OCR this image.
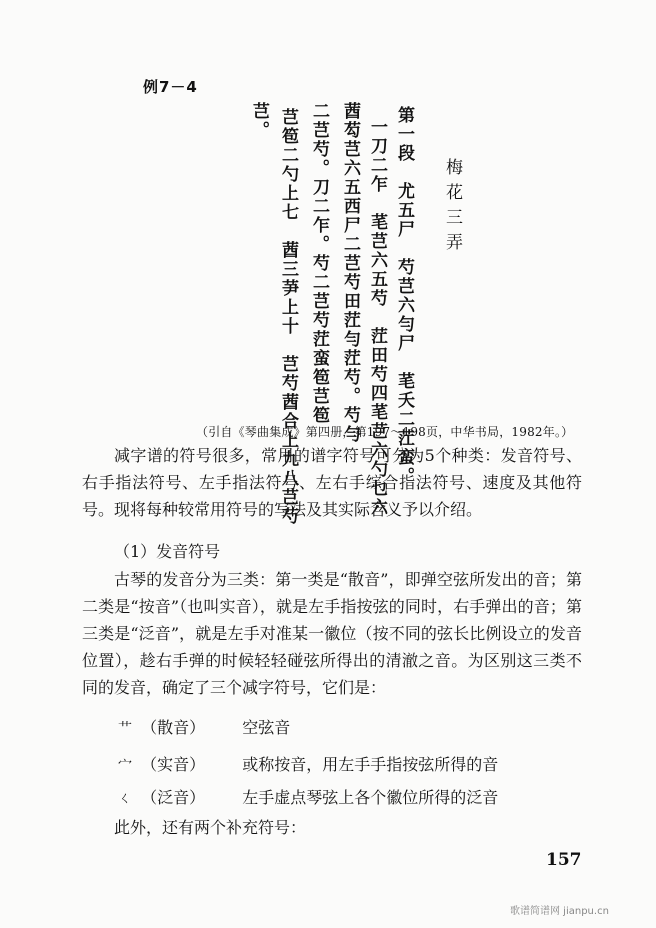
例7－4
梅花三弄
第一段　尤五尸　芍芑六勻尸　芼夭二茳蛮。
一刀二乍　芼芑六五芍　茳田芍四芼芑六勺乜六
莤芶芑六五西尸二芑芍田茳勻茳芍。芍勻
二芑芍。刀二乍。芍二芑芍茳蛮笣芑笣
芑笣二勺上七　莤三芛上十　芑芍莤合上九八芑芍
芑。
（引自《琴曲集成》第四册，第197～198页，中华书局，1982年。）

减字谱的符号很多，常用的谱字符号可分为5个种类：发音符号、右手指法符号、左手指法符号、左右手综合指法符号、速度及其他符号。现将每种较常用符号的写法及其实际含义予以介绍。

（1）发音符号

古琴的发音分为三类：第一类是“散音”，即弹空弦所发出的音；第二类是“按音”（也叫实音），就是左手指按弦的同时，右手弹出的音；第三类是“泛音”，就是左手对准某一徽位（按不同的弦长比例设立的发音位置），趁右手弹的时候轻轻碰弦所得出的清澈之音。为区别这三类不同的发音，确定了三个减字符号，它们是：

艹 （散音） 空弦音
宀 （实音） 或称按音，用左手手指按弦所得的音
ㄑ （泛音） 左手虚点琴弦上各个徽位所得的泛音
此外，还有两个补充符号：
157
歌谱简谱网 jianpu.cn
